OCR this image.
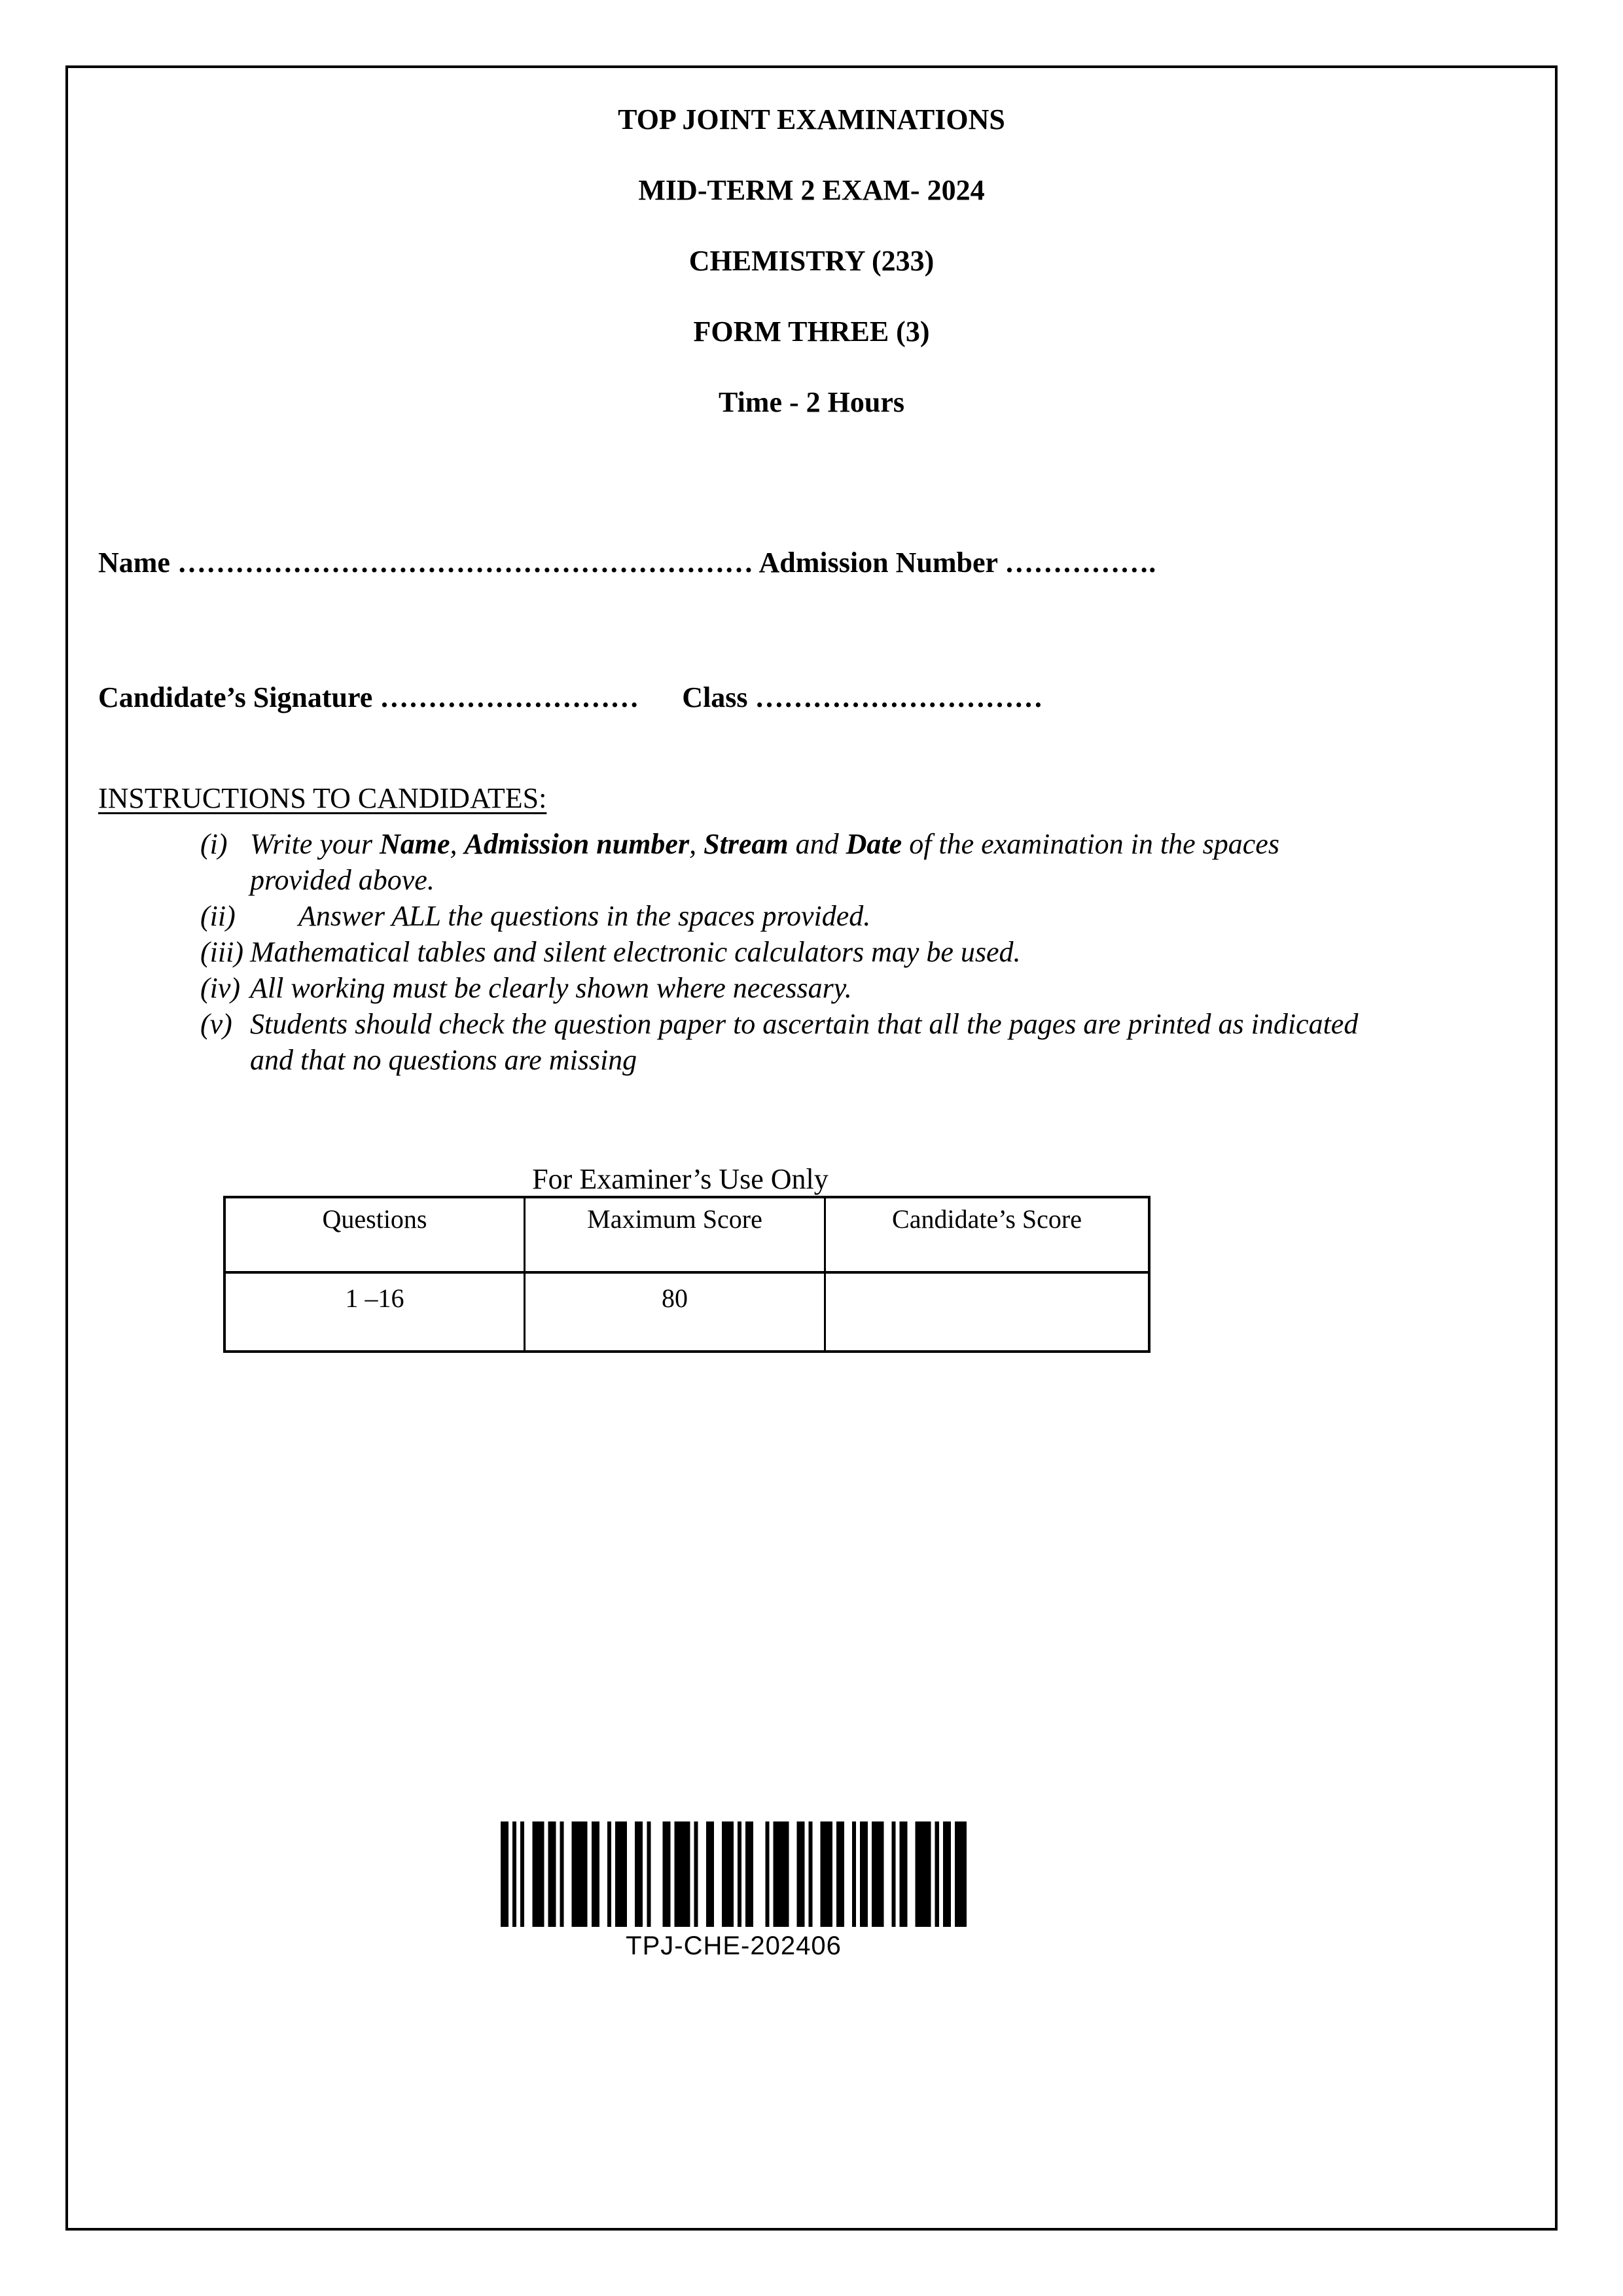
TOP JOINT EXAMINATIONS
MID-TERM 2 EXAM- 2024
CHEMISTRY (233)
FORM THREE (3)
Time - 2 Hours
Name …………………………………………………… Admission Number …………….
Candidate’s Signature ………………………      Class …………………………
INSTRUCTIONS TO CANDIDATES:
(i) Write your Name, Admission number, Stream and Date of the examination in the spaces
provided above.
(ii) Answer ALL the questions in the spaces provided.
(iii) Mathematical tables and silent electronic calculators may be used.
(iv) All working must be clearly shown where necessary.
(v) Students should check the question paper to ascertain that all the pages are printed as indicated
and that no questions are missing
For Examiner’s Use Only
Questions	Maximum Score	Candidate’s Score
1 –16	80	
TPJ-CHE-202406
